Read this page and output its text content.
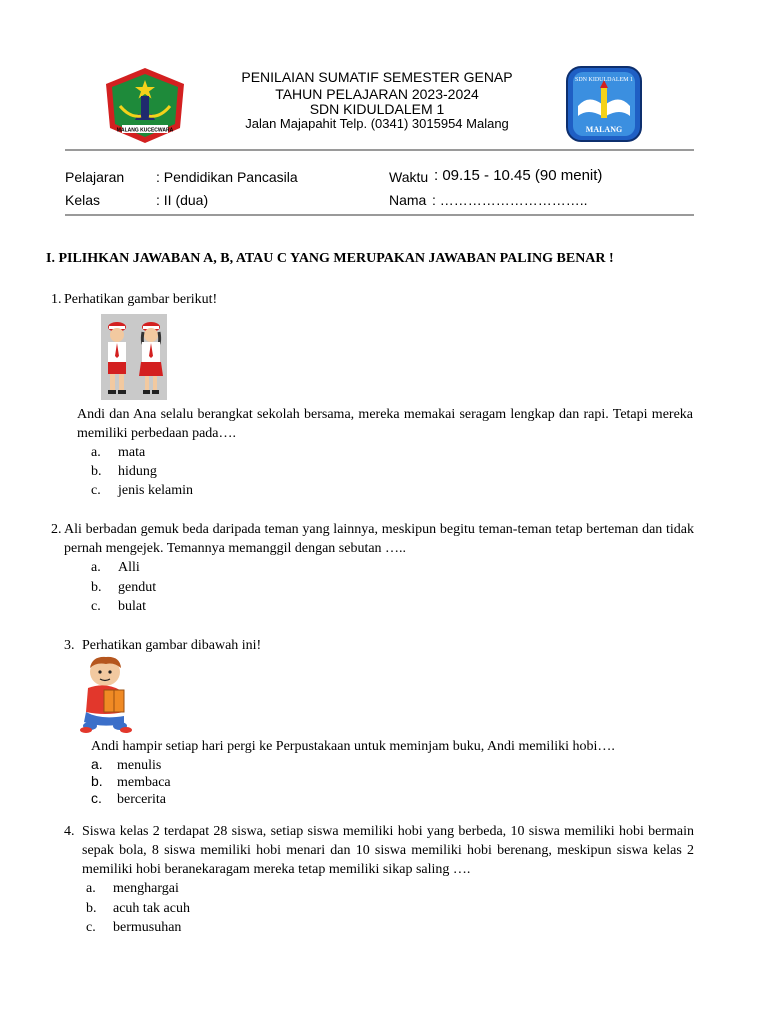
MALANG KUCECWARA
PENILAIAN SUMATIF SEMESTER GENAP
TAHUN PELAJARAN 2023-2024
SDN KIDULDALEM 1
Jalan Majapahit Telp. (0341) 3015954 Malang
SDN KIDULDALEM 1
MALANG
Pelajaran : Pendidikan Pancasila
Kelas	: II (dua)
Waktu : 09.15 - 10.45 (90 menit)
Nama : …………………………..
I. PILIHKAN JAWABAN A, B, ATAU C YANG MERUPAKAN JAWABAN PALING BENAR !
1. Perhatikan gambar berikut!
Andi dan Ana selalu berangkat sekolah bersama, mereka memakai seragam lengkap dan rapi. Tetapi mereka memiliki perbedaan pada….
a. mata
b. hidung
c. jenis kelamin
2. Ali berbadan gemuk beda daripada teman yang lainnya, meskipun begitu teman-teman tetap berteman dan tidak pernah mengejek. Temannya memanggil dengan sebutan …..
a. Alli
b. gendut
c. bulat
3. Perhatikan gambar dibawah ini!
Andi hampir setiap hari pergi ke Perpustakaan untuk meminjam buku, Andi memiliki hobi….
a. menulis
b. membaca
c. bercerita
4. Siswa kelas 2 terdapat 28 siswa, setiap siswa memiliki hobi yang berbeda, 10 siswa memiliki hobi bermain sepak bola, 8 siswa memiliki hobi menari dan 10 siswa memiliki hobi berenang, meskipun siswa kelas 2 memiliki hobi beranekaragam mereka tetap memiliki sikap saling ….
a. menghargai
b. acuh tak acuh
c. bermusuhan
